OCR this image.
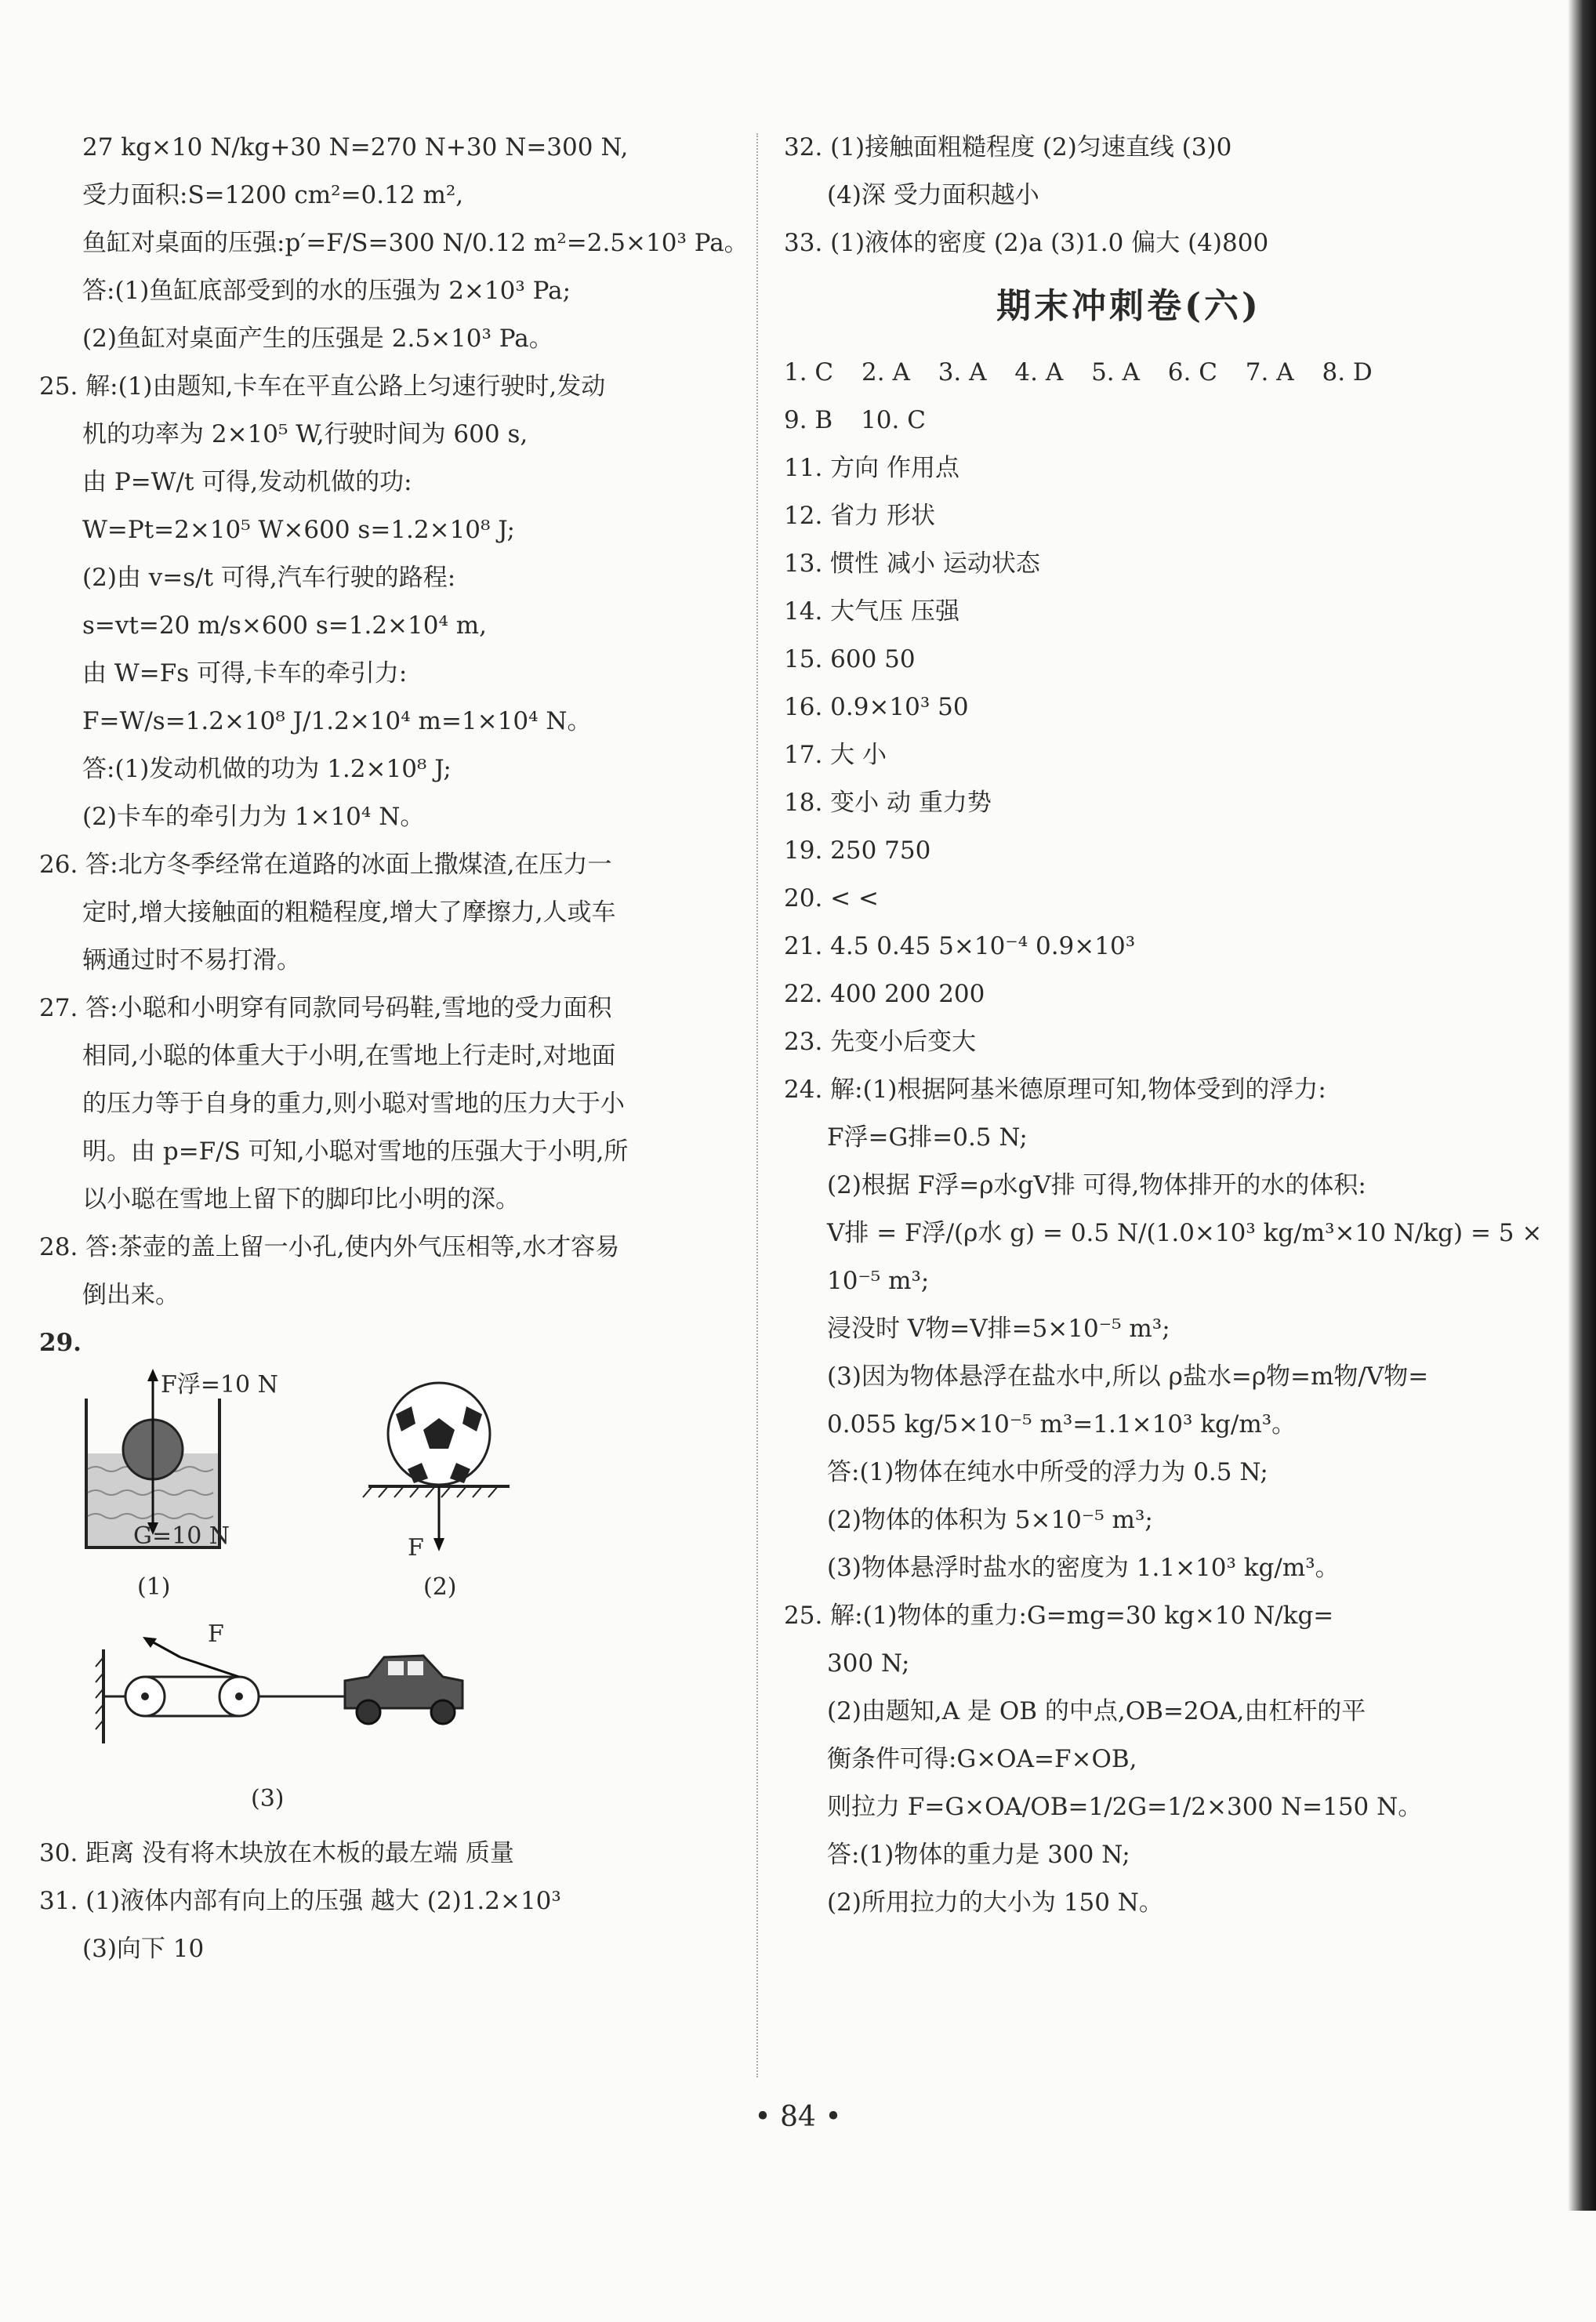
27 kg×10 N/kg+30 N=270 N+30 N=300 N,
受力面积:S=1200 cm²=0.12 m²,
鱼缸对桌面的压强:p′=F/S=300 N/0.12 m²=2.5×10³ Pa。
答:(1)鱼缸底部受到的水的压强为 2×10³ Pa;
(2)鱼缸对桌面产生的压强是 2.5×10³ Pa。
25. 解:(1)由题知,卡车在平直公路上匀速行驶时,发动
机的功率为 2×10⁵ W,行驶时间为 600 s,
由 P=W/t 可得,发动机做的功:
W=Pt=2×10⁵ W×600 s=1.2×10⁸ J;
(2)由 v=s/t 可得,汽车行驶的路程:
s=vt=20 m/s×600 s=1.2×10⁴ m,
由 W=Fs 可得,卡车的牵引力:
F=W/s=1.2×10⁸ J/1.2×10⁴ m=1×10⁴ N。
答:(1)发动机做的功为 1.2×10⁸ J;
(2)卡车的牵引力为 1×10⁴ N。
26. 答:北方冬季经常在道路的冰面上撒煤渣,在压力一
定时,增大接触面的粗糙程度,增大了摩擦力,人或车
辆通过时不易打滑。
27. 答:小聪和小明穿有同款同号码鞋,雪地的受力面积
相同,小聪的体重大于小明,在雪地上行走时,对地面
的压力等于自身的重力,则小聪对雪地的压力大于小
明。由 p=F/S 可知,小聪对雪地的压强大于小明,所
以小聪在雪地上留下的脚印比小明的深。
28. 答:茶壶的盖上留一小孔,使内外气压相等,水才容易
倒出来。
29.
F浮=10 N
G=10 N
(1)
F
(2)
F
(3)
30. 距离 没有将木块放在木板的最左端 质量
31. (1)液体内部有向上的压强 越大 (2)1.2×10³
(3)向下 10
32. (1)接触面粗糙程度 (2)匀速直线 (3)0
(4)深 受力面积越小
33. (1)液体的密度 (2)a (3)1.0 偏大 (4)800
期末冲刺卷(六)
1. C 2. A 3. A 4. A 5. A 6. C 7. A 8. D
9. B 10. C
11. 方向 作用点
12. 省力 形状
13. 惯性 减小 运动状态
14. 大气压 压强
15. 600 50
16. 0.9×10³ 50
17. 大 小
18. 变小 动 重力势
19. 250 750
20. < <
21. 4.5 0.45 5×10⁻⁴ 0.9×10³
22. 400 200 200
23. 先变小后变大
24. 解:(1)根据阿基米德原理可知,物体受到的浮力:
F浮=G排=0.5 N;
(2)根据 F浮=ρ水gV排 可得,物体排开的水的体积:
V排 = F浮/(ρ水 g) = 0.5 N/(1.0×10³ kg/m³×10 N/kg) = 5 ×
10⁻⁵ m³;
浸没时 V物=V排=5×10⁻⁵ m³;
(3)因为物体悬浮在盐水中,所以 ρ盐水=ρ物=m物/V物=
0.055 kg/5×10⁻⁵ m³=1.1×10³ kg/m³。
答:(1)物体在纯水中所受的浮力为 0.5 N;
(2)物体的体积为 5×10⁻⁵ m³;
(3)物体悬浮时盐水的密度为 1.1×10³ kg/m³。
25. 解:(1)物体的重力:G=mg=30 kg×10 N/kg=
300 N;
(2)由题知,A 是 OB 的中点,OB=2OA,由杠杆的平
衡条件可得:G×OA=F×OB,
则拉力 F=G×OA/OB=1/2G=1/2×300 N=150 N。
答:(1)物体的重力是 300 N;
(2)所用拉力的大小为 150 N。
• 84 •
